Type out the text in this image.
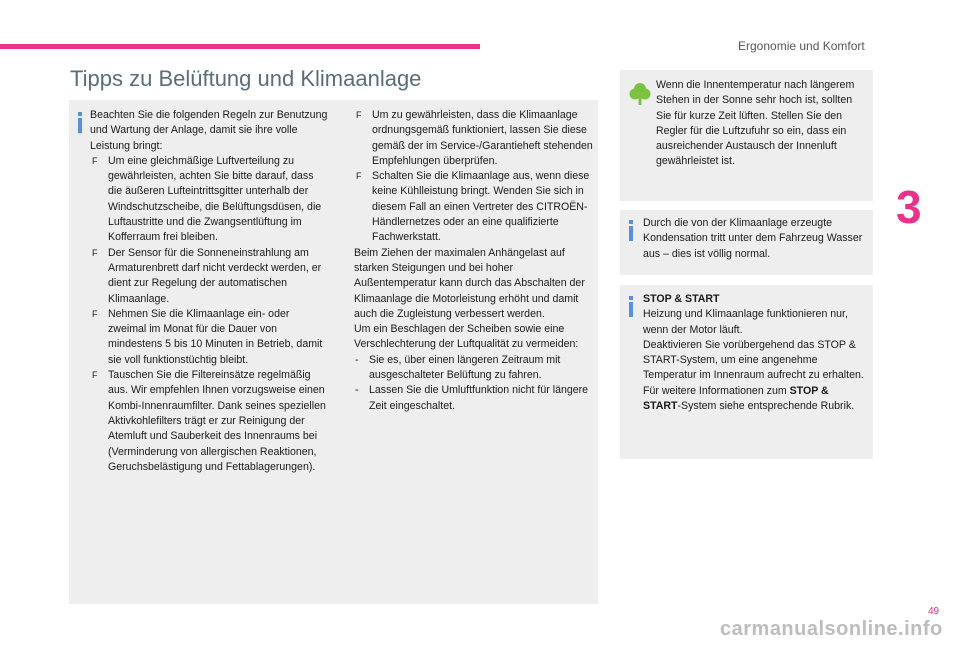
Ergonomie und Komfort
3
Tipps zu Belüftung und Klimaanlage

Beachten Sie die folgenden Regeln zur Benutzung und Wartung der Anlage, damit sie ihre volle Leistung bringt:

F Um eine gleichmäßige Luftverteilung zu gewährleisten, achten Sie bitte darauf, dass die äußeren Lufteintrittsgitter unterhalb der Windschutzscheibe, die Belüftungsdüsen, die Luftaustritte und die Zwangsentlüftung im Kofferraum frei bleiben.

F Der Sensor für die Sonneneinstrahlung am Armaturenbrett darf nicht verdeckt werden, er dient zur Regelung der automatischen Klimaanlage.

F Nehmen Sie die Klimaanlage ein- oder zweimal im Monat für die Dauer von mindestens 5 bis 10 Minuten in Betrieb, damit sie voll funktionstüchtig bleibt.

F Tauschen Sie die Filtereinsätze regelmäßig aus. Wir empfehlen Ihnen vorzugsweise einen Kombi-Innenraumfilter. Dank seines speziellen Aktivkohlefilters trägt er zur Reinigung der Atemluft und Sauberkeit des Innenraums bei (Verminderung von allergischen Reaktionen, Geruchsbelästigung und Fettablagerungen).

F Um zu gewährleisten, dass die Klimaanlage ordnungsgemäß funktioniert, lassen Sie diese gemäß der im Service-/Garantieheft stehenden Empfehlungen überprüfen.

F Schalten Sie die Klimaanlage aus, wenn diese keine Kühlleistung bringt. Wenden Sie sich in diesem Fall an einen Vertreter des CITROËN-Händlernetzes oder an eine qualifizierte Fachwerkstatt.

Beim Ziehen der maximalen Anhängelast auf starken Steigungen und bei hoher Außentemperatur kann durch das Abschalten der Klimaanlage die Motorleistung erhöht und damit auch die Zugleistung verbessert werden.

Um ein Beschlagen der Scheiben sowie eine Verschlechterung der Luftqualität zu vermeiden:

- Sie es, über einen längeren Zeitraum mit ausgeschalteter Belüftung zu fahren.

- Lassen Sie die Umluftfunktion nicht für längere Zeit eingeschaltet.

Wenn die Innentemperatur nach längerem Stehen in der Sonne sehr hoch ist, sollten Sie für kurze Zeit lüften. Stellen Sie den Regler für die Luftzufuhr so ein, dass ein ausreichender Austausch der Innenluft gewährleistet ist.
Durch die von der Klimaanlage erzeugte Kondensation tritt unter dem Fahrzeug Wasser aus – dies ist völlig normal.

STOP & START

Heizung und Klimaanlage funktionieren nur, wenn der Motor läuft.

Deaktivieren Sie vorübergehend das STOP & START-System, um eine angenehme Temperatur im Innenraum aufrecht zu erhalten.

Für weitere Informationen zum STOP & START-System siehe entsprechende Rubrik.

49
carmanualsonline.info
